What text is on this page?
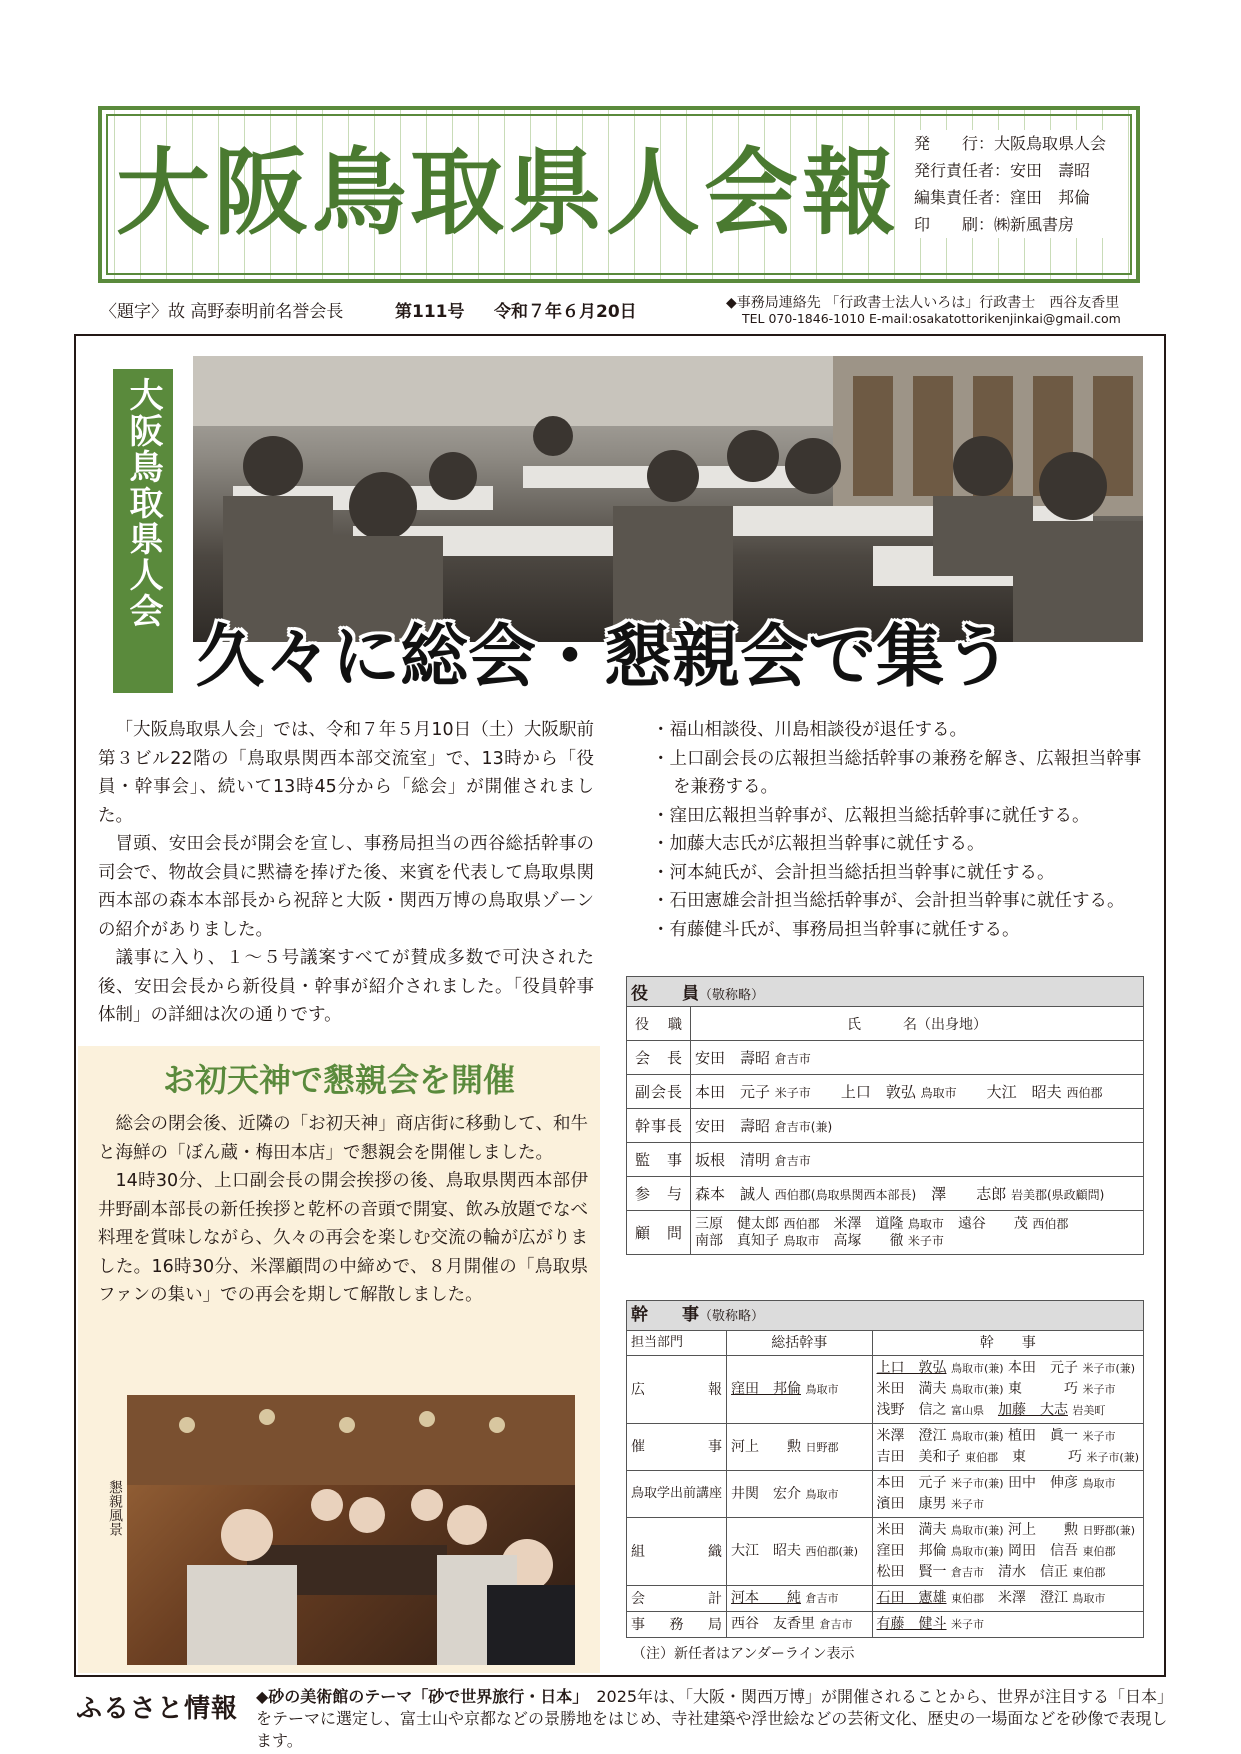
大阪鳥取県人会報 発　　行：大阪鳥取県人会
発行責任者：安田　壽昭
編集責任者：窪田　邦倫
印　　刷：㈱新風書房
〈題字〉故 高野泰明前名誉会長	第111号 令和７年６月20日	◆事務局連絡先 「行政書士法人いろは」行政書士　西谷友香里
TEL 070-1846-1010 E-mail:osakatottorikenjinkai@gmail.com
大阪鳥取県人会
久々に総会・懇親会で集う

「大阪鳥取県人会」では、令和７年５月10日（土）大阪駅前第３ビル22階の「鳥取県関西本部交流室」で、13時から「役員・幹事会」、続いて13時45分から「総会」が開催されました。

冒頭、安田会長が開会を宣し、事務局担当の西谷総括幹事の司会で、物故会員に黙禱を捧げた後、来賓を代表して鳥取県関西本部の森本本部長から祝辞と大阪・関西万博の鳥取県ゾーンの紹介がありました。

議事に入り、１～５号議案すべてが賛成多数で可決された後、安田会長から新役員・幹事が紹介されました。「役員幹事体制」の詳細は次の通りです。

・福山相談役、川島相談役が退任する。
・上口副会長の広報担当総括幹事の兼務を解き、広報担当幹事を兼務する。
・窪田広報担当幹事が、広報担当総括幹事に就任する。
・加藤大志氏が広報担当幹事に就任する。
・河本純氏が、会計担当総括担当幹事に就任する。
・石田憲雄会計担当総括幹事が、会計担当幹事に就任する。
・有藤健斗氏が、事務局担当幹事に就任する。
お初天神で懇親会を開催

総会の閉会後、近隣の「お初天神」商店街に移動して、和牛と海鮮の「ぼん蔵・梅田本店」で懇親会を開催しました。

14時30分、上口副会長の開会挨拶の後、鳥取県関西本部伊井野副本部長の新任挨拶と乾杯の音頭で開宴、飲み放題でなべ料理を賞味しながら、久々の再会を楽しむ交流の輪が広がりました。16時30分、米澤顧問の中締めで、８月開催の「鳥取県ファンの集い」での再会を期して解散しました。

懇親風景
役　　員（敬称略）	
役　職	氏　　　名（出身地）
会長	安田　壽昭 倉吉市
副会長	本田　元子 米子市　　 上口　敦弘 鳥取市　　 大江　昭夫 西伯郡
幹事長	安田　壽昭 倉吉市(兼)
監事	坂根　清明 倉吉市
参与	森本　誠人 西伯郡(鳥取県関西本部長)　 澤　　志郎 岩美郡(県政顧問)
顧問	三原　健太郎 西伯郡　 米澤　道隆 鳥取市　 遠谷　　茂 西伯郡
南部　真知子 鳥取市　 高塚　　徹 米子市
幹　　事（敬称略）		
担当部門	総括幹事	幹　　事
広報	窪田　邦倫 鳥取市	上口　敦弘 鳥取市(兼) 本田　元子 米子市(兼)
米田　満夫 鳥取市(兼) 東　　　巧 米子市
浅野　信之 富山県　 加藤　大志 岩美町
催事	河上　　勲 日野郡	米澤　澄江 鳥取市(兼) 植田　眞一 米子市
吉田　美和子 東伯郡　 東　　　巧 米子市(兼)
鳥取学出前講座	井関　宏介 鳥取市	本田　元子 米子市(兼) 田中　伸彦 鳥取市
濱田　康男 米子市
組織	大江　昭夫 西伯郡(兼)	米田　満夫 鳥取市(兼) 河上　　勲 日野郡(兼)
窪田　邦倫 鳥取市(兼) 岡田　信吾 東伯郡
松田　賢一 倉吉市　 清水　信正 東伯郡
会計	河本　　純 倉吉市	石田　憲雄 東伯郡　 米澤　澄江 鳥取市
事務局	西谷　友香里 倉吉市	有藤　健斗 米子市
（注）新任者はアンダーライン表示
ふるさと情報 ◆砂の美術館のテーマ「砂で世界旅行・日本」　 2025年は、「大阪・関西万博」が開催されることから、世界が注目する「日本」をテーマに選定し、富士山や京都などの景勝地をはじめ、寺社建築や浮世絵などの芸術文化、歴史の一場面などを砂像で表現します。
